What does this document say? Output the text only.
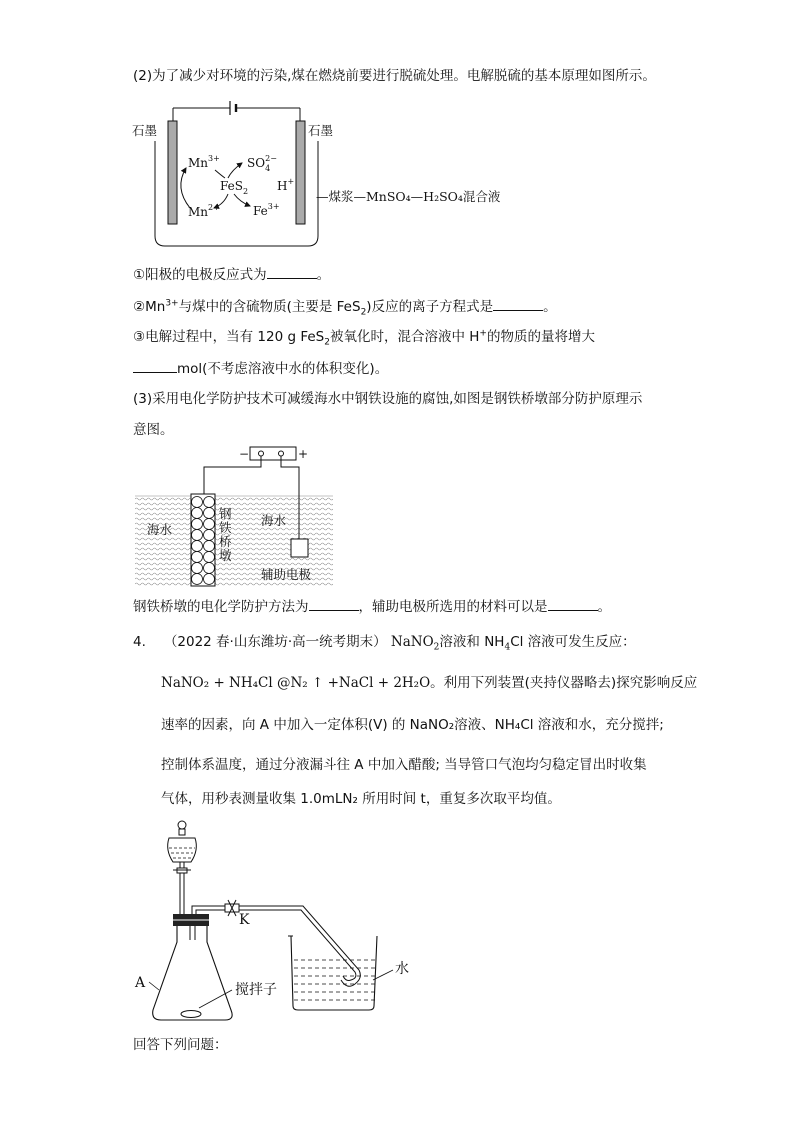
(2)为了减少对环境的污染,煤在燃烧前要进行脱硫处理。电解脱硫的基本原理如图所示。
石墨	石墨
$Mn^{3+}$ $SO_42-$
FeS$_2$ H+
$Mn^{2+}$	$Fe^{3+}$
—煤浆—MnSO₄—H₂SO₄混合液
①阳极的电极反应式为	。
$②Mn^{3+}$与煤中的含硫物质(主要是 FeS$_2$)反应的离子方程式是	。
③电解过程中，当有 120 g FeS$_2$被氧化时，混合溶液中 H+的物质的量将增大
mol(不考虑溶液中水的体积变化)。
(3)采用电化学防护技术可减缓海水中钢铁设施的腐蚀,如图是钢铁桥墩部分防护原理示
意图。
−	+
海水
海水
钢
铁
桥
墩
辅助电极
钢铁桥墩的电化学防护方法为	，辅助电极所选用的材料可以是	。
4. （2022 春·山东潍坊·高一统考期末） NaNO$_2$溶液和 $NH_4Cl$ 溶液可发生反应：
NaNO₂ + NH₄Cl @N₂ ↑ +NaCl + 2H₂O。利用下列装置(夹持仪器略去)探究影响反应
速率的因素，向 A 中加入一定体积(V) 的 NaNO₂溶液、NH₄Cl 溶液和水，充分搅拌;
控制体系温度，通过分液漏斗往 A 中加入醋酸; 当导管口气泡均匀稳定冒出时收集
气体，用秒表测量收集 1.0mLN₂ 所用时间 t，重复多次取平均值。
A
K
搅拌子
水
回答下列问题：
